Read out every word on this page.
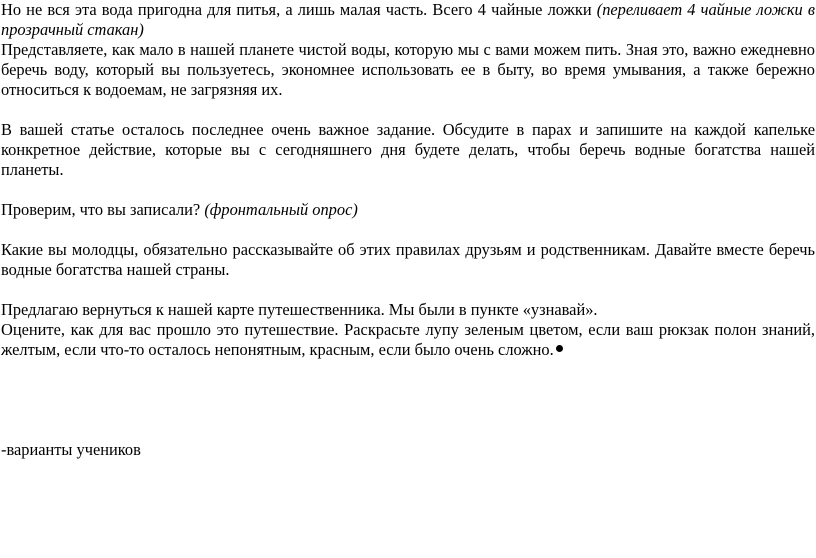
Но не вся эта вода пригодна для питья, а лишь малая часть. Всего 4 чайные ложки (переливает 4 чайные ложки в прозрачный стакан)

Представляете, как мало в нашей планете чистой воды, которую мы с вами можем пить. Зная это, важно ежедневно беречь воду, который вы пользуетесь, экономнее использовать ее в быту, во время умывания, а также бережно относиться к водоемам, не загрязняя их.

В вашей статье осталось последнее очень важное задание. Обсудите в парах и запишите на каждой капельке конкретное действие, которые вы с сегодняшнего дня будете делать, чтобы беречь водные богатства нашей планеты.

Проверим, что вы записали? (фронтальный опрос)

Какие вы молодцы, обязательно рассказывайте об этих правилах друзьям и родственникам. Давайте вместе беречь водные богатства нашей страны.

Предлагаю вернуться к нашей карте путешественника. Мы были в пункте «узнавай».

Оцените, как для вас прошло это путешествие. Раскрасьте лупу зеленым цветом, если ваш рюкзак полон знаний, желтым, если что-то осталось непонятным, красным, если было очень сложно.

-варианты учеников
